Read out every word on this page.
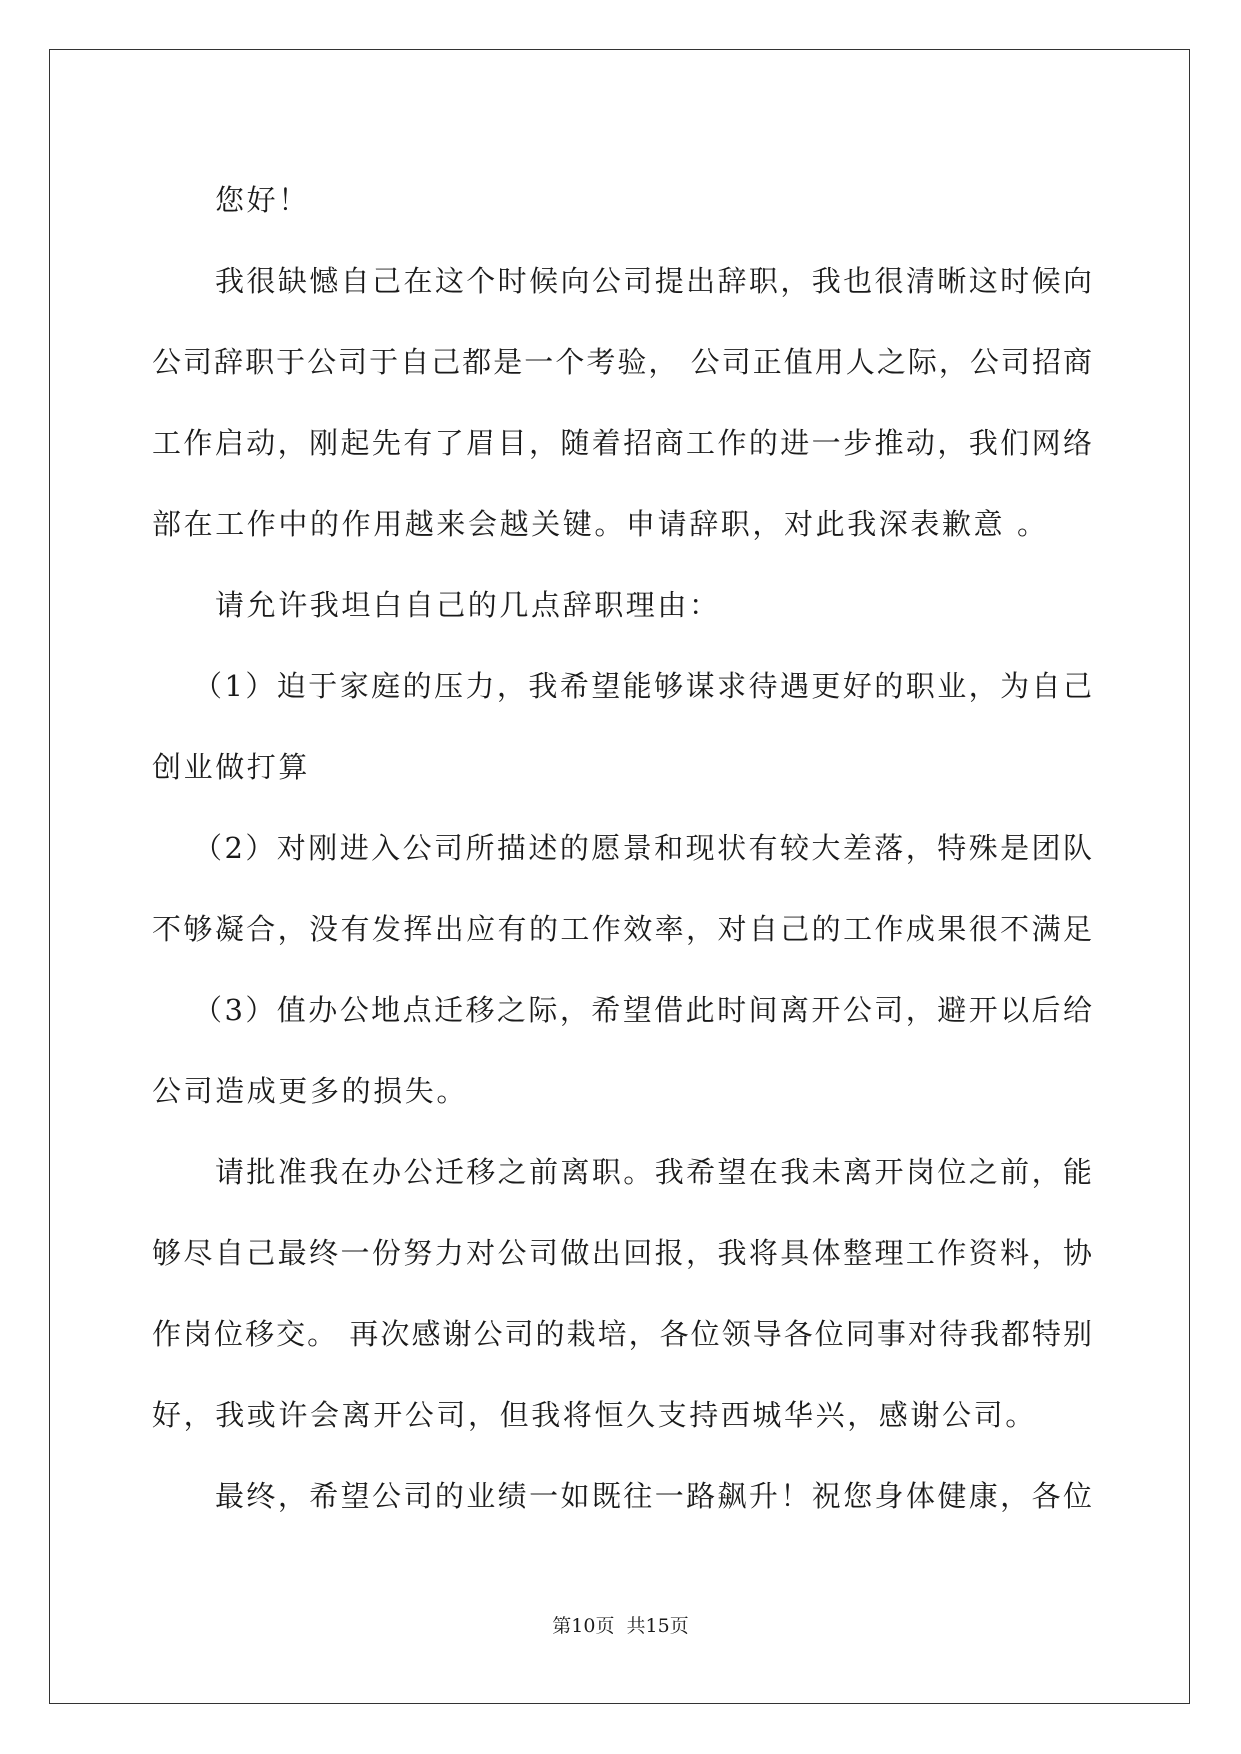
您好！
我很缺憾自己在这个时候向公司提出辞职，我也很清晰这时候向
公司辞职于公司于自己都是一个考验， 公司正值用人之际，公司招商
工作启动，刚起先有了眉目，随着招商工作的进一步推动，我们网络
部在工作中的作用越来会越关键。申请辞职，对此我深表歉意 。
请允许我坦白自己的几点辞职理由：
（1）迫于家庭的压力，我希望能够谋求待遇更好的职业，为自己
创业做打算
（2）对刚进入公司所描述的愿景和现状有较大差落，特殊是团队
不够凝合，没有发挥出应有的工作效率，对自己的工作成果很不满足
（3）值办公地点迁移之际，希望借此时间离开公司，避开以后给
公司造成更多的损失。
请批准我在办公迁移之前离职。我希望在我未离开岗位之前，能
够尽自己最终一份努力对公司做出回报，我将具体整理工作资料，协
作岗位移交。 再次感谢公司的栽培，各位领导各位同事对待我都特别
好，我或许会离开公司，但我将恒久支持西城华兴，感谢公司。
最终，希望公司的业绩一如既往一路飙升！祝您身体健康，各位
第10页 共15页
